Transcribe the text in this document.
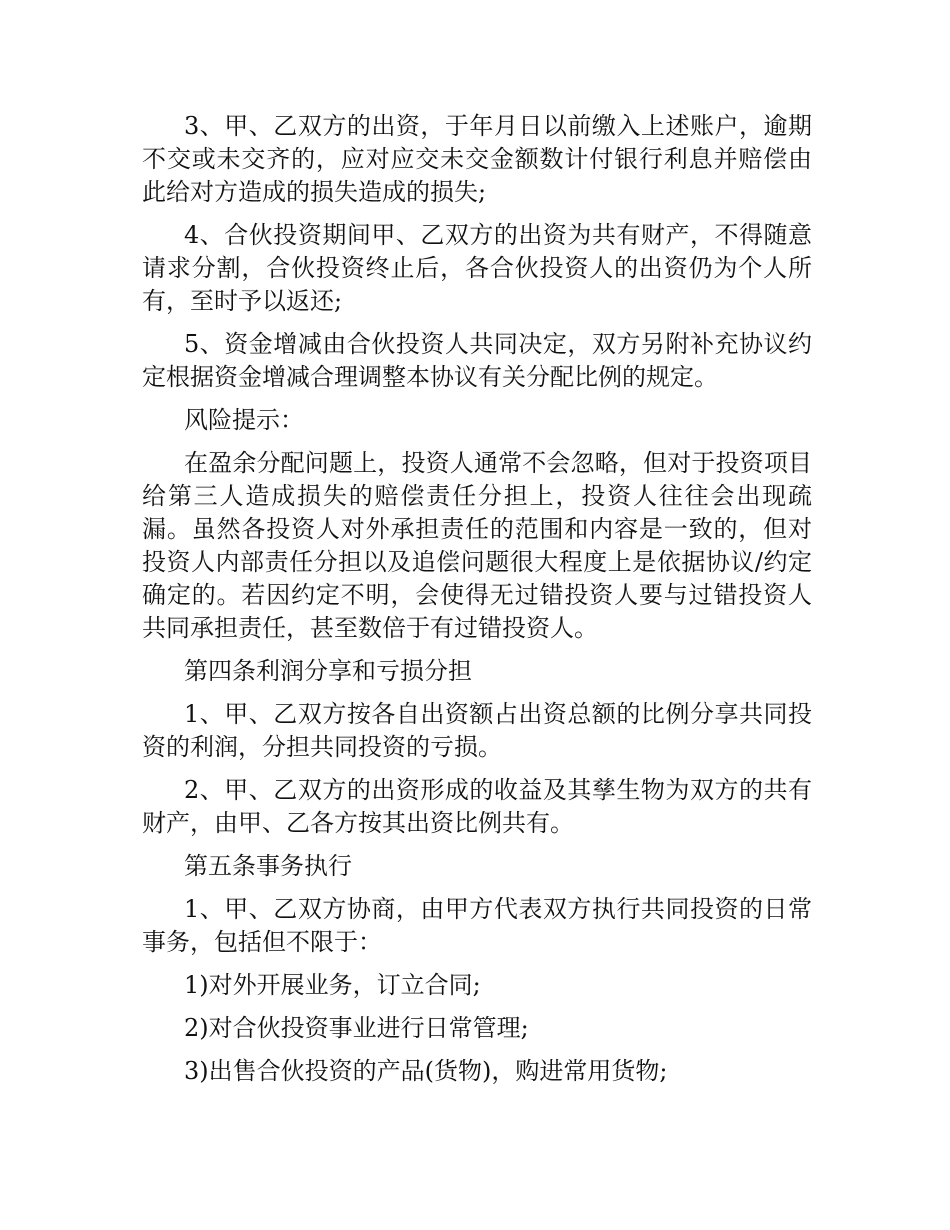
3、甲、乙双方的出资，于年月日以前缴入上述账户，逾期不交或未交齐的，应对应交未交金额数计付银行利息并赔偿由此给对方造成的损失造成的损失;

4、合伙投资期间甲、乙双方的出资为共有财产，不得随意请求分割，合伙投资终止后，各合伙投资人的出资仍为个人所有，至时予以返还;

5、资金增减由合伙投资人共同决定，双方另附补充协议约定根据资金增减合理调整本协议有关分配比例的规定。

风险提示：

在盈余分配问题上，投资人通常不会忽略，但对于投资项目给第三人造成损失的赔偿责任分担上，投资人往往会出现疏漏。虽然各投资人对外承担责任的范围和内容是一致的，但对投资人内部责任分担以及追偿问题很大程度上是依据协议/约定确定的。若因约定不明，会使得无过错投资人要与过错投资人共同承担责任，甚至数倍于有过错投资人。

第四条利润分享和亏损分担

1、甲、乙双方按各自出资额占出资总额的比例分享共同投资的利润，分担共同投资的亏损。

2、甲、乙双方的出资形成的收益及其孳生物为双方的共有财产，由甲、乙各方按其出资比例共有。

第五条事务执行

1、甲、乙双方协商，由甲方代表双方执行共同投资的日常事务，包括但不限于：

1)对外开展业务，订立合同;

2)对合伙投资事业进行日常管理;

3)出售合伙投资的产品(货物)，购进常用货物;
